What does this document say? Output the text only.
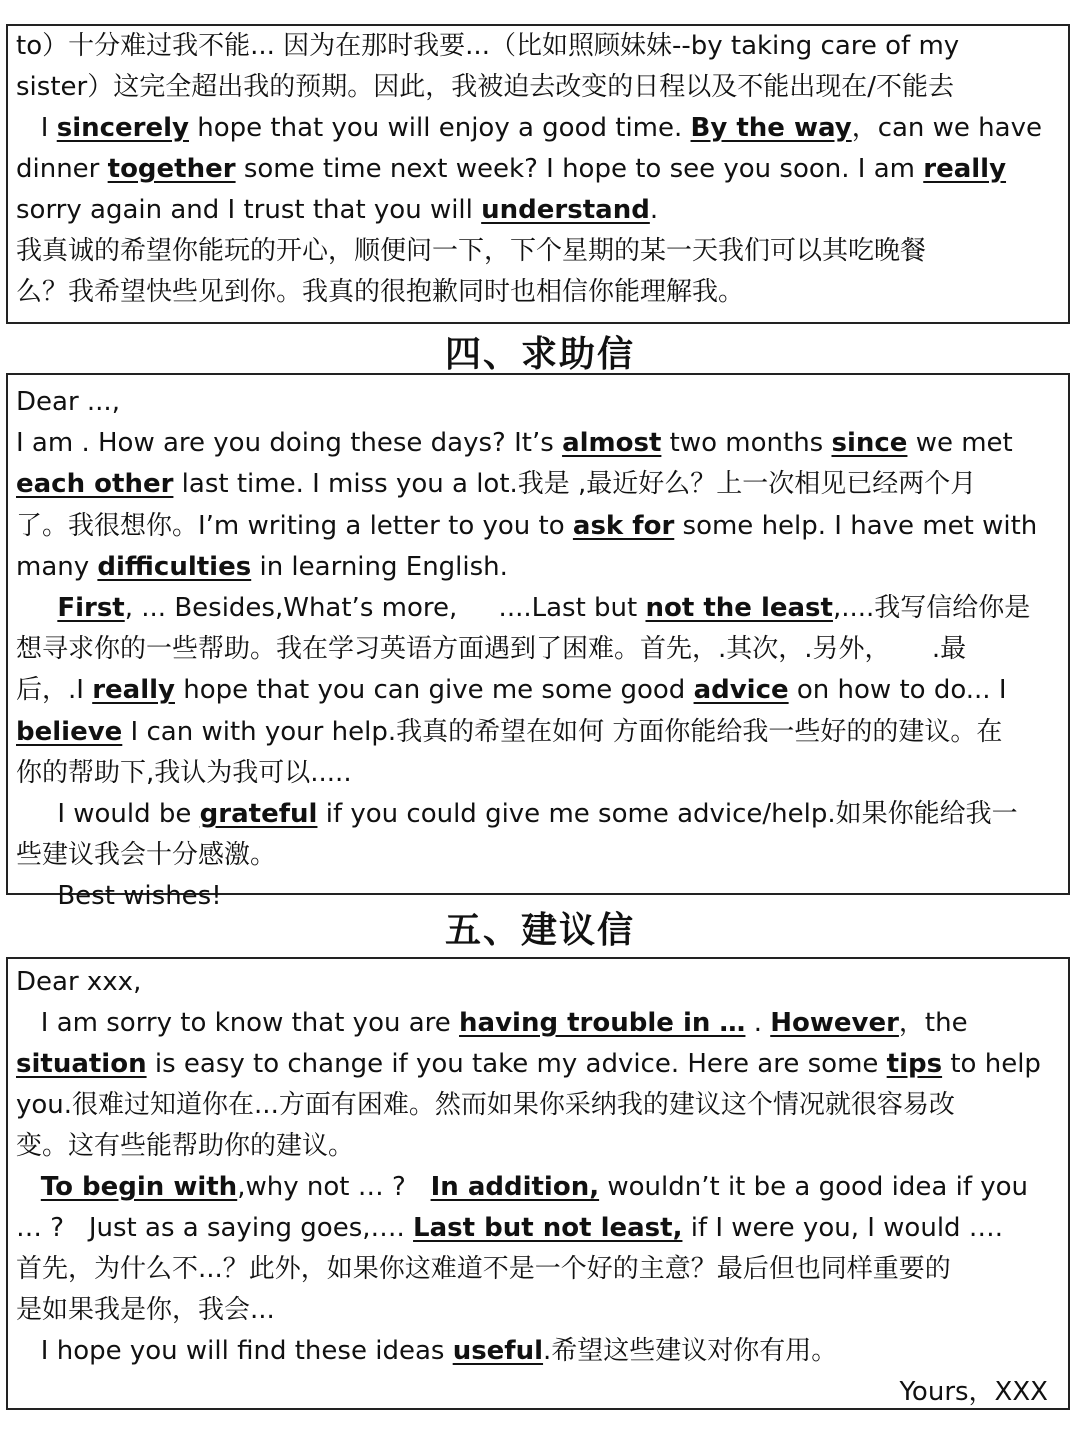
to）十分难过我不能... 因为在那时我要...（比如照顾妹妹--by taking care of my

sister）这完全超出我的预期。因此，我被迫去改变的日程以及不能出现在/不能去

I sincerely hope that you will enjoy a good time. By the way，can we have

dinner together some time next week? I hope to see you soon. I am really

sorry again and I trust that you will understand.

我真诚的希望你能玩的开心，顺便问一下，下个星期的某一天我们可以其吃晚餐

么？我希望快些见到你。我真的很抱歉同时也相信你能理解我。

四、求助信

Dear ...,

I am . How are you doing these days? It’s almost two months since we met

each other last time. I miss you a lot.我是 ,最近好么？上一次相见已经两个月

了。我很想你。I’m writing a letter to you to ask for some help. I have met with

many difficulties in learning English.

First, ... Besides,What’s more,     ....Last but not the least,....我写信给你是

想寻求你的一些帮助。我在学习英语方面遇到了困难。首先，.其次，.另外，     .最

后，.I really hope that you can give me some good advice on how to do... I

believe I can with your help.我真的希望在如何 方面你能给我一些好的的建议。在

你的帮助下,我认为我可以.....

I would be grateful if you could give me some advice/help.如果你能给我一

些建议我会十分感激。

Best wishes!

五、建议信

Dear xxx,

I am sorry to know that you are having trouble in … . However，the

situation is easy to change if you take my advice. Here are some tips to help

you.很难过知道你在...方面有困难。然而如果你采纳我的建议这个情况就很容易改

变。这有些能帮助你的建议。

To begin with,why not … ?   In addition, wouldn’t it be a good idea if you

… ?   Just as a saying goes,…. Last but not least, if I were you, I would ….

首先，为什么不...？此外，如果你这难道不是一个好的主意？最后但也同样重要的

是如果我是你，我会...

I hope you will find these ideas useful.希望这些建议对你有用。

Yours，XXX
